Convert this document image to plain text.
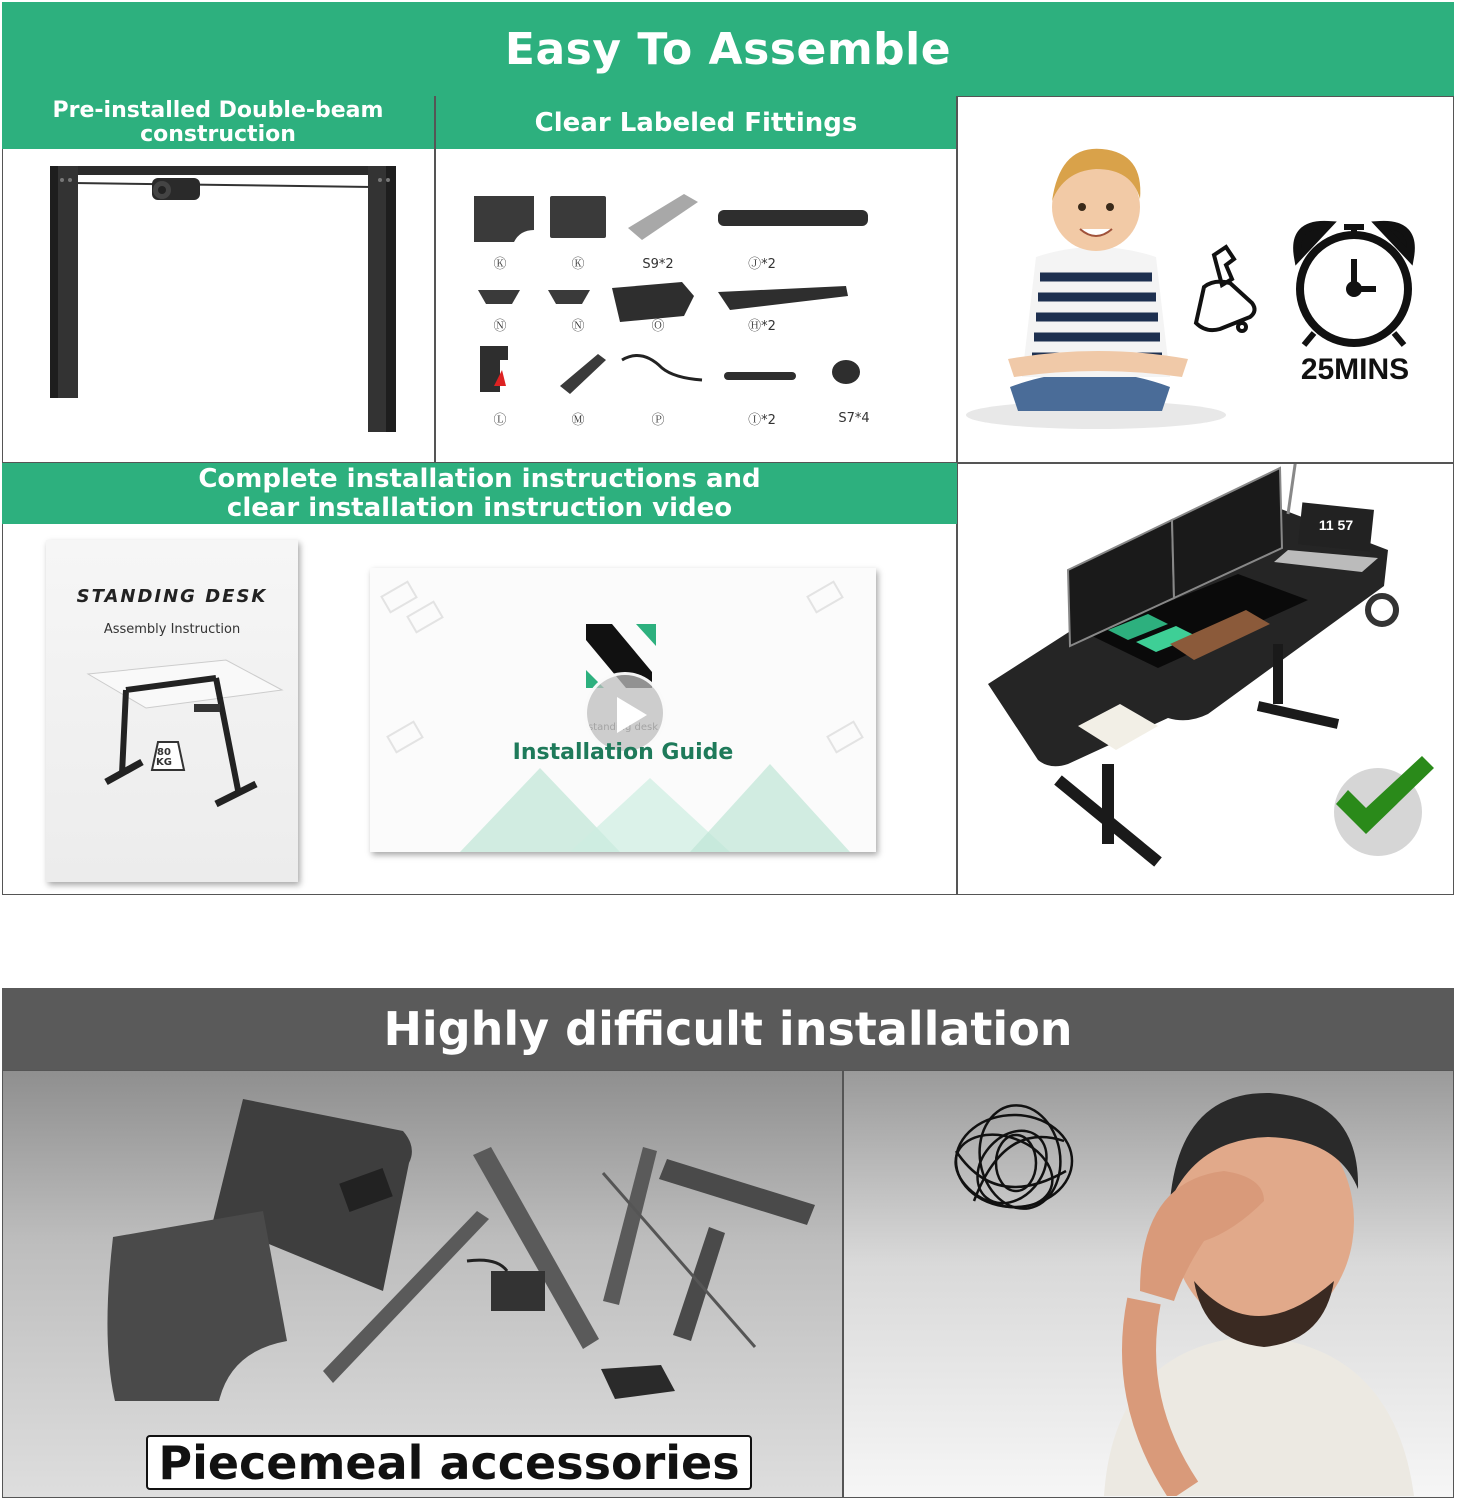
Easy To Assemble
Pre-installed Double-beam construction	Clear Labeled Fittings
Ⓚ	Ⓚ	S9*2	Ⓙ*2
Ⓝ	Ⓝ	Ⓞ	Ⓗ*2
Ⓛ	Ⓜ	Ⓟ	Ⓘ*2	S7*4
25MINS
Complete installation instructions and clear installation instruction video
STANDING DESK
Assembly Instruction
80 KG	Installation Guide
11 57
Highly difficult installation
Piecemeal accessories
